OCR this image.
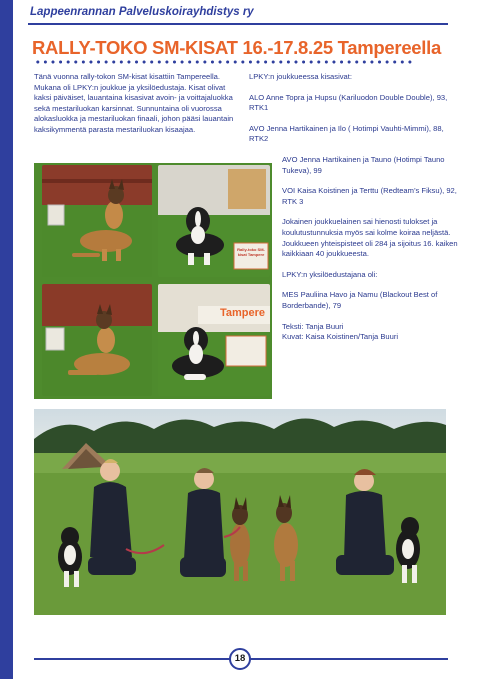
Lappeenrannan Palveluskoirayhdistys ry
RALLY-TOKO SM-KISAT 16.-17.8.25 Tampereella

Tänä vuonna rally-tokon SM-kisat kisattiin Tampereella. Mukana oli LPKY:n joukkue ja yksilöedustaja. Kisat olivat kaksi päiväiset, lauantaina kisasivat avoin- ja voittajaluokka sekä mestariluokan karsinnat. Sunnuntaina oli vuorossa alokasluokka ja mestariluokan finaali, johon pääsi lauantain kaksikymmentä parasta mestariluokan kisaajaa.

LPKY:n joukkueessa kisasivat:

ALO Anne Topra ja Hupsu (Kariluodon Double Double), 93, RTK1

AVO Jenna Hartikainen ja Ilo ( Hotimpi Vauhti-Mimmi), 88, RTK2

AVO Jenna Hartikainen ja Tauno (Hotimpi Tauno Tukeva), 99

VOI Kaisa Koistinen ja Terttu (Redteam’s Fiksu), 92, RTK 3

Jokainen joukkuelainen sai hienosti tulokset ja koulutustunnuksia myös sai kolme koiraa neljästä. Joukkueen yhteispisteet oli 284 ja sijoitus 16. kaiken kaikkiaan 40 joukkueesta.

LPKY:n yksilöedustajana oli:

MES Pauliina Havo ja Namu (Blackout Best of Borderbande), 79

Teksti: Tanja Buuri

Kuvat: Kaisa Koistinen/Tanja Buuri

Rally-toko SM-kisat Tampere
Tampere
18
